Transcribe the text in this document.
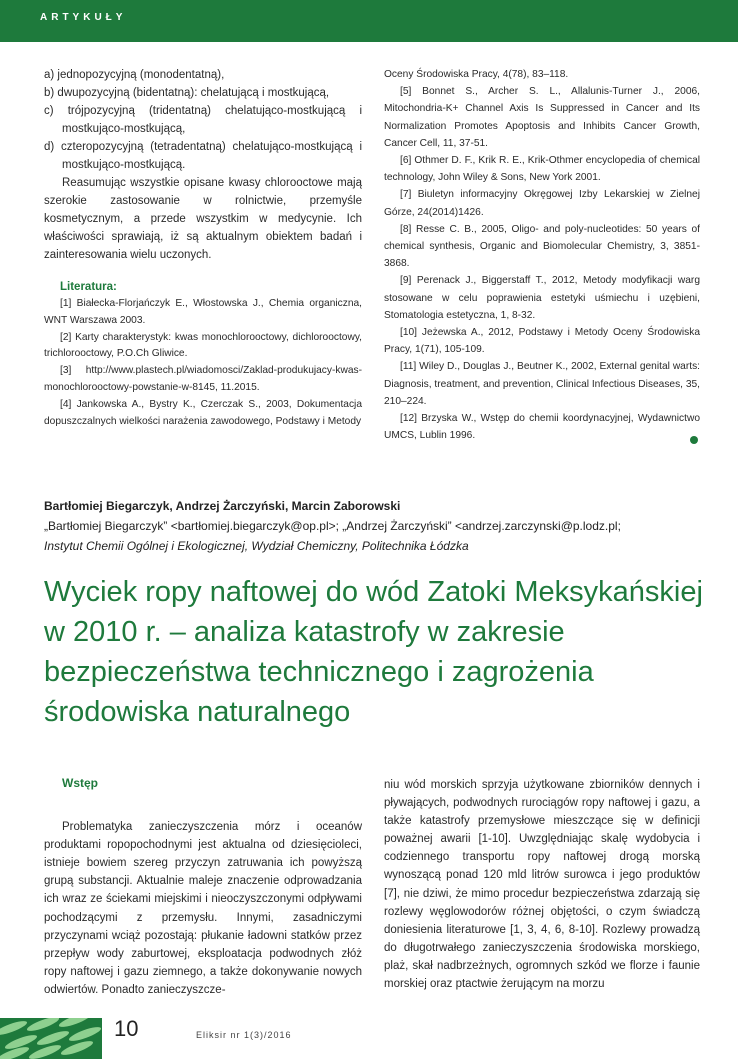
ARTYKUŁY

a) jednopozycyjną (monodentatną),

b) dwupozycyjną (bidentatną): chelatującą i mostkującą,

c) trójpozycyjną (tridentatną) chelatująco-mostkującą i mostkująco-mostkującą,

d) czteropozycyjną (tetradentatną) chelatująco-mostkującą i mostkująco-mostkującą.

Reasumując wszystkie opisane kwasy chlorooctowe mają szerokie zastosowanie w rolnictwie, przemyśle kosmetycznym, a przede wszystkim w medycynie. Ich właściwości sprawiają, iż są aktualnym obiektem badań i zainteresowania wielu uczonych.

Literatura:

[1] Białecka-Florjańczyk E., Włostowska J., Chemia organiczna, WNT Warszawa 2003.

[2] Karty charakterystyk: kwas monochlorooctowy, dichlorooctowy, trichlorooctowy, P.O.Ch Gliwice.

[3] http://www.plastech.pl/wiadomosci/Zaklad-produkujacy-kwas-monochlorooctowy-powstanie-w-8145, 11.2015.

[4] Jankowska A., Bystry K., Czerczak S., 2003, Dokumentacja dopuszczalnych wielkości narażenia zawodowego, Podstawy i Metody

Oceny Środowiska Pracy, 4(78), 83–118.

[5] Bonnet S., Archer S. L., Allalunis-Turner J., 2006, Mitochondria-K+ Channel Axis Is Suppressed in Cancer and Its Normalization Promotes Apoptosis and Inhibits Cancer Growth, Cancer Cell, 11, 37-51.

[6] Othmer D. F., Krik R. E., Krik-Othmer encyclopedia of chemical technology, John Wiley & Sons, New York 2001.

[7] Biuletyn informacyjny Okręgowej Izby Lekarskiej w Zielnej Górze, 24(2014)1426.

[8] Resse C. B., 2005, Oligo- and poly-nucleotides: 50 years of chemical synthesis, Organic and Biomolecular Chemistry, 3, 3851-3868.

[9] Perenack J., Biggerstaff T., 2012, Metody modyfikacji warg stosowane w celu poprawienia estetyki uśmiechu i uzębieni, Stomatologia estetyczna, 1, 8-32.

[10] Jeżewska A., 2012, Podstawy i Metody Oceny Środowiska Pracy, 1(71), 105-109.

[11] Wiley D., Douglas J., Beutner K., 2002, External genital warts: Diagnosis, treatment, and prevention, Clinical Infectious Diseases, 35, 210–224.

[12] Brzyska W., Wstęp do chemii koordynacyjnej, Wydawnictwo UMCS, Lublin 1996.

Bartłomiej Biegarczyk, Andrzej Żarczyński, Marcin Zaborowski
„Bartłomiej Biegarczyk” <bartłomiej.biegarczyk@op.pl>; „Andrzej Żarczyński” <andrzej.zarczynski@p.lodz.pl;
Instytut Chemii Ogólnej i Ekologicznej, Wydział Chemiczny, Politechnika Łódzka
Wyciek ropy naftowej do wód Zatoki Meksykańskiej w 2010 r. – analiza katastrofy w zakresie bezpieczeństwa technicznego i zagrożenia środowiska naturalnego

Wstęp

Problematyka zanieczyszczenia mórz i oceanów produktami ropopochodnymi jest aktualna od dziesięcioleci, istnieje bowiem szereg przyczyn zatruwania ich powyższą grupą substancji. Aktualnie maleje znaczenie odprowadzania ich wraz ze ściekami miejskimi i nieoczyszczonymi odpływami pochodzącymi z przemysłu. Innymi, zasadniczymi przyczynami wciąż pozostają: płukanie ładowni statków przez przepływ wody zaburtowej, eksploatacja podwodnych złóż ropy naftowej i gazu ziemnego, a także dokonywanie nowych odwiertów. Ponadto zanieczyszcze-

niu wód morskich sprzyja użytkowane zbiorników dennych i pływających, podwodnych rurociągów ropy naftowej i gazu, a także katastrofy przemysłowe mieszczące się w definicji poważnej awarii [1-10]. Uwzględniając skalę wydobycia i codziennego transportu ropy naftowej drogą morską wynoszącą ponad 120 mld litrów surowca i jego produktów [7], nie dziwi, że mimo procedur bezpieczeństwa zdarzają się rozlewy węglowodorów różnej objętości, o czym świadczą doniesienia literaturowe [1, 3, 4, 6, 8-10]. Rozlewy prowadzą do długotrwałego zanieczyszczenia środowiska morskiego, plaż, skał nadbrzeżnych, ogromnych szkód we florze i faunie morskiej oraz ptactwie żerującym na morzu

10	Eliksir nr 1(3)/2016
